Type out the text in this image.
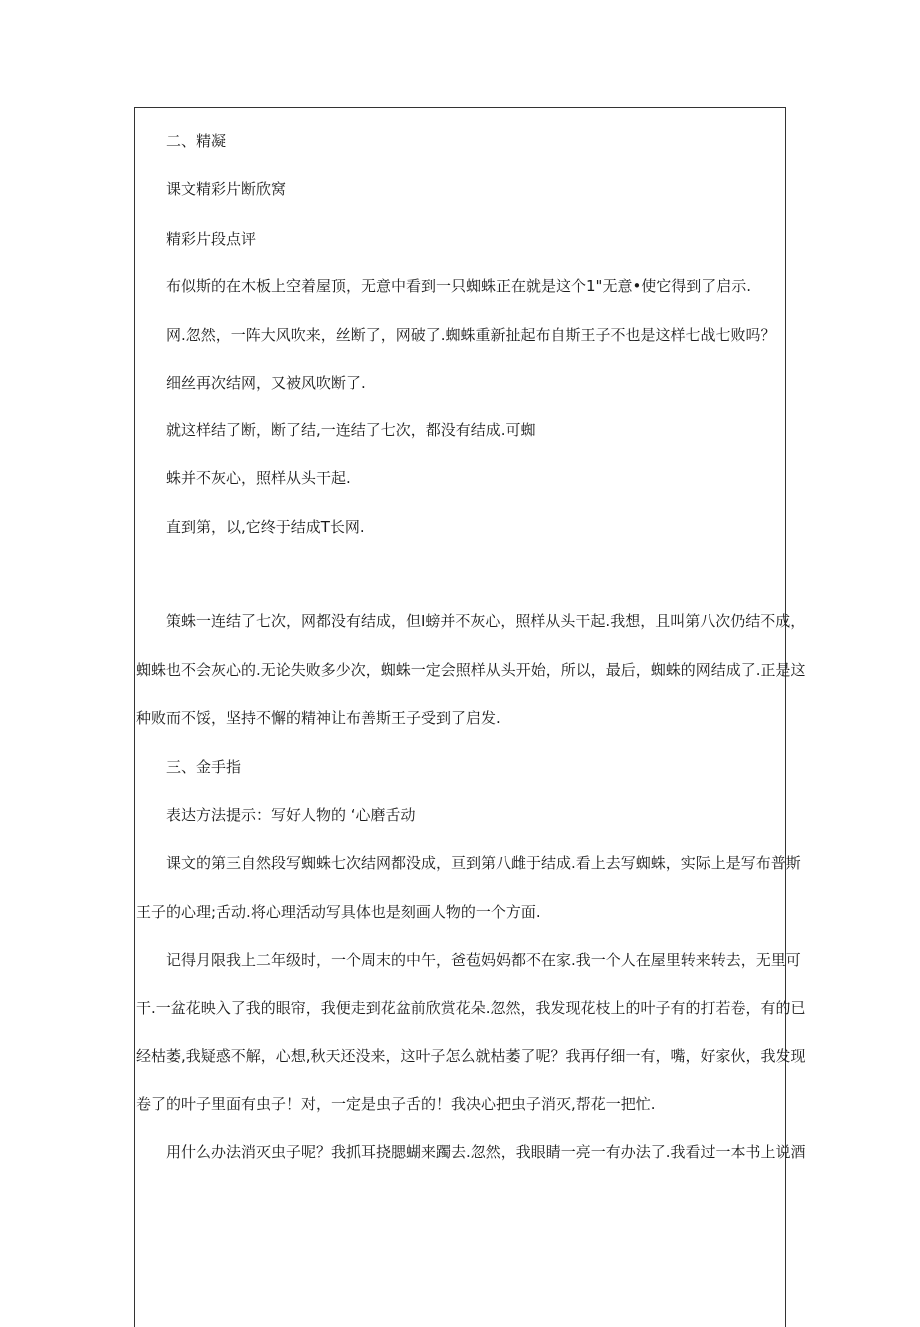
二、精凝
课文精彩片断欣窝
精彩片段点评
布似斯的在木板上空着屋顶，无意中看到一只蜘蛛正在就是这个1"无意•使它得到了启示.
网.忽然，一阵大风吹来，丝断了，网破了.蜘蛛重新扯起布自斯王子不也是这样七战七败吗？
细丝再次结网，又被风吹断了.
就这样结了断，断了结,一连结了七次，都没有结成.可蜘
蛛并不灰心，照样从头干起.
直到第，以,它终于结成T长网.
策蛛一连结了七次，网都没有结成，但I螃并不灰心，照样从头干起.我想，且叫第八次仍结不成，
蜘蛛也不会灰心的.无论失败多少次，蜘蛛一定会照样从头开始，所以，最后，蜘蛛的网结成了.正是这
种败而不馁，坚持不懈的精神让布善斯王子受到了启发.
三、金手指
表达方法提示：写好人物的 ‘心磨舌动
课文的第三自然段写蜘蛛七次结网都没成，亘到第八雌于结成.看上去写蜘蛛，实际上是写布普斯
王子的心理;舌动.将心理活动写具体也是刻画人物的一个方面.
记得月限我上二年级时，一个周末的中午，爸苞妈妈都不在家.我一个人在屋里转来转去，无里可
干.一盆花映入了我的眼帘，我便走到花盆前欣赏花朵.忽然，我发现花枝上的叶子有的打若卷，有的已
经枯萎,我疑惑不解，心想,秋天还没来，这叶子怎么就枯萎了呢？我再仔细一有，嘴，好家伙，我发现
卷了的叶子里面有虫子！对，一定是虫子舌的！我决心把虫子消灭,帮花一把忙.
用什么办法消灭虫子呢？我抓耳挠腮蝴来躅去.忽然，我眼睛一亮一有办法了.我看过一本书上说酒
